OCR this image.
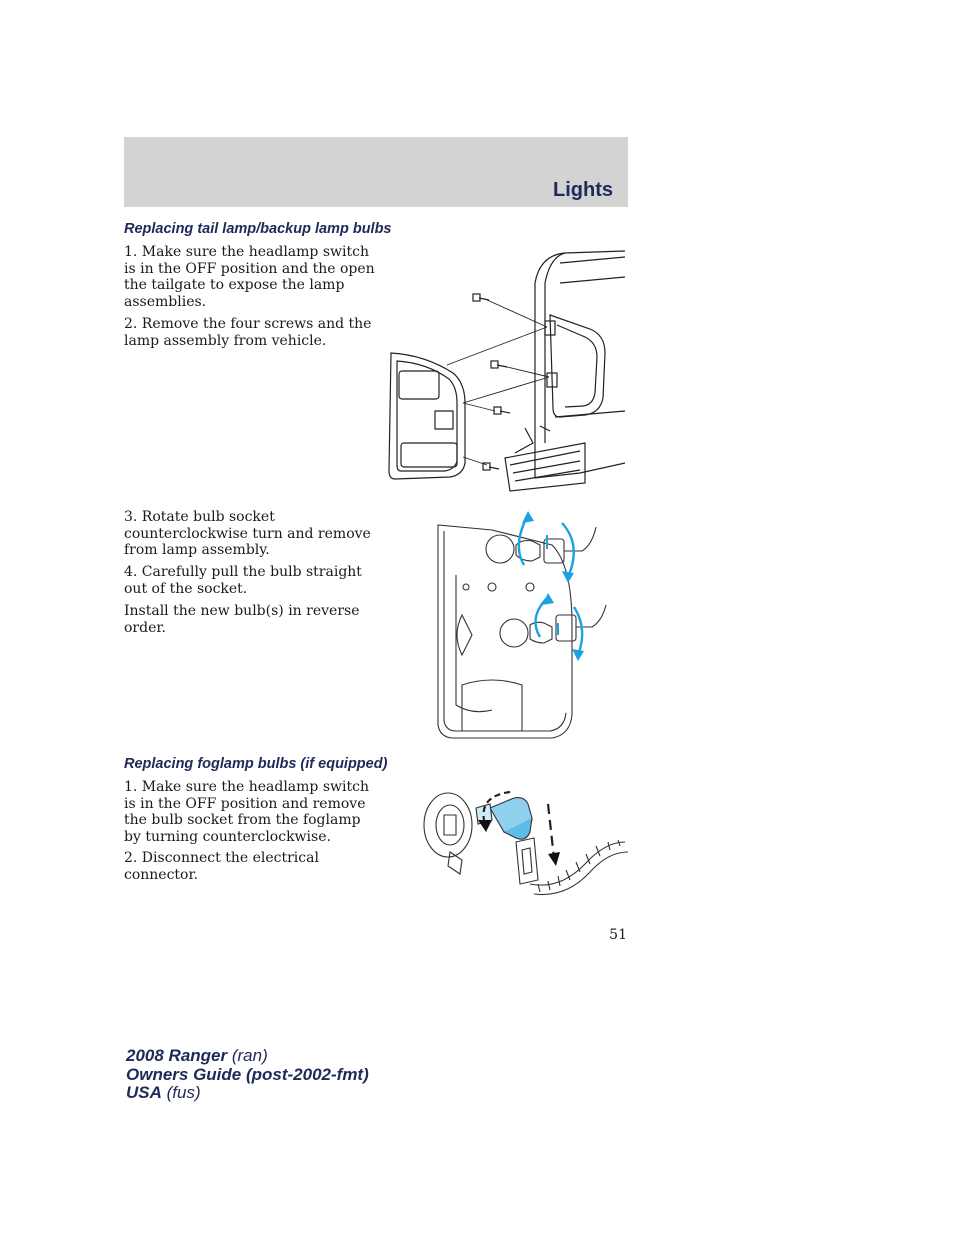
Lights
Replacing tail lamp/backup lamp bulbs

1. Make sure the headlamp switch is in the OFF position and the open the tailgate to expose the lamp assemblies.

2. Remove the four screws and the lamp assembly from vehicle.

3. Rotate bulb socket counterclockwise turn and remove from lamp assembly.

4. Carefully pull the bulb straight out of the socket.

Install the new bulb(s) in reverse order.

Replacing foglamp bulbs (if equipped)

1. Make sure the headlamp switch is in the OFF position and remove the bulb socket from the foglamp by turning counterclockwise.

2. Disconnect the electrical connector.

51
2008 Ranger (ran)
Owners Guide (post-2002-fmt)
USA (fus)
